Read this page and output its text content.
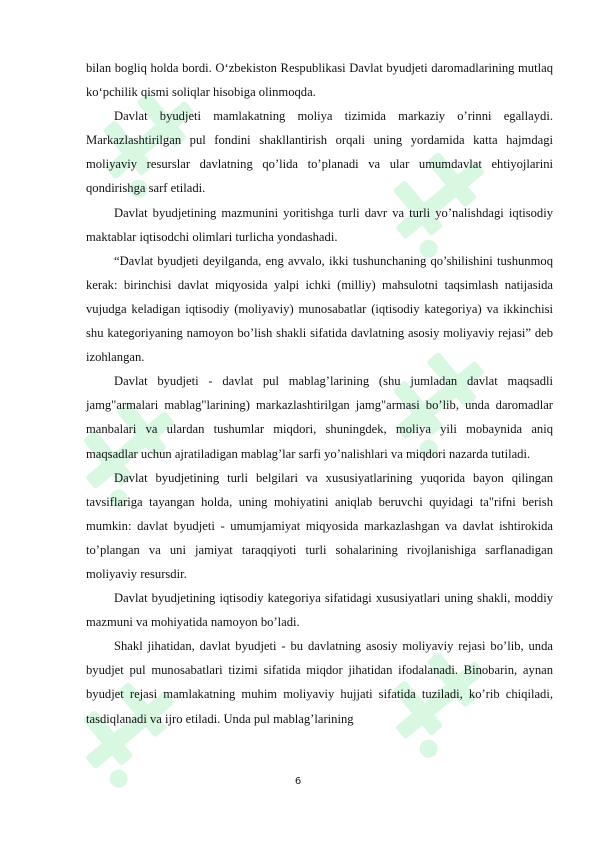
bilan bogliq holda bordi. O‘zbekiston Respublikasi Davlat byudjeti daromadlarining mutlaq ko‘pchilik qismi soliqlar hisobiga olinmoqda.

Davlat byudjeti mamlakatning moliya tizimida markaziy o’rinni egallaydi. Markazlashtirilgan pul fondini shakllantirish orqali uning yordamida katta hajmdagi moliyaviy resurslar davlatning qo’lida to’planadi va ular umumdavlat ehtiyojlarini qondirishga sarf etiladi.

Davlat byudjetining mazmunini yoritishga turli davr va turli yo’nalishdagi iqtisodiy maktablar iqtisodchi olimlari turlicha yondashadi.

“Davlat byudjeti deyilganda, eng avvalo, ikki tushunchaning qo’shilishini tushunmoq kerak: birinchisi davlat miqyosida yalpi ichki (milliy) mahsulotni taqsimlash natijasida vujudga keladigan iqtisodiy (moliyaviy) munosabatlar (iqtisodiy kategoriya) va ikkinchisi shu kategoriyaning namoyon bo’lish shakli sifatida davlatning asosiy moliyaviy rejasi” deb izohlangan.

Davlat byudjeti - davlat pul mablag’larining (shu jumladan davlat maqsadli jamg"armalari mablag"larining) markazlashtirilgan jamg"armasi bo’lib, unda daromadlar manbalari va ulardan tushumlar miqdori, shuningdek, moliya yili mobaynida aniq maqsadlar uchun ajratiladigan mablag’lar sarfi yo’nalishlari va miqdori nazarda tutiladi.

Davlat byudjetining turli belgilari va xususiyatlarining yuqorida bayon qilingan tavsiflariga tayangan holda, uning mohiyatini aniqlab beruvchi quyidagi ta"rifni berish mumkin: davlat byudjeti - umumjamiyat miqyosida markazlashgan va davlat ishtirokida to’plangan va uni jamiyat taraqqiyoti turli sohalarining rivojlanishiga sarflanadigan moliyaviy resursdir.

Davlat byudjetining iqtisodiy kategoriya sifatidagi xususiyatlari uning shakli, moddiy mazmuni va mohiyatida namoyon bo’ladi.

Shakl jihatidan, davlat byudjeti - bu davlatning asosiy moliyaviy rejasi bo’lib, unda byudjet pul munosabatlari tizimi sifatida miqdor jihatidan ifodalanadi. Binobarin, aynan byudjet rejasi mamlakatning muhim moliyaviy hujjati sifatida tuziladi, ko’rib chiqiladi, tasdiqlanadi va ijro etiladi. Unda pul mablag’larining

6
